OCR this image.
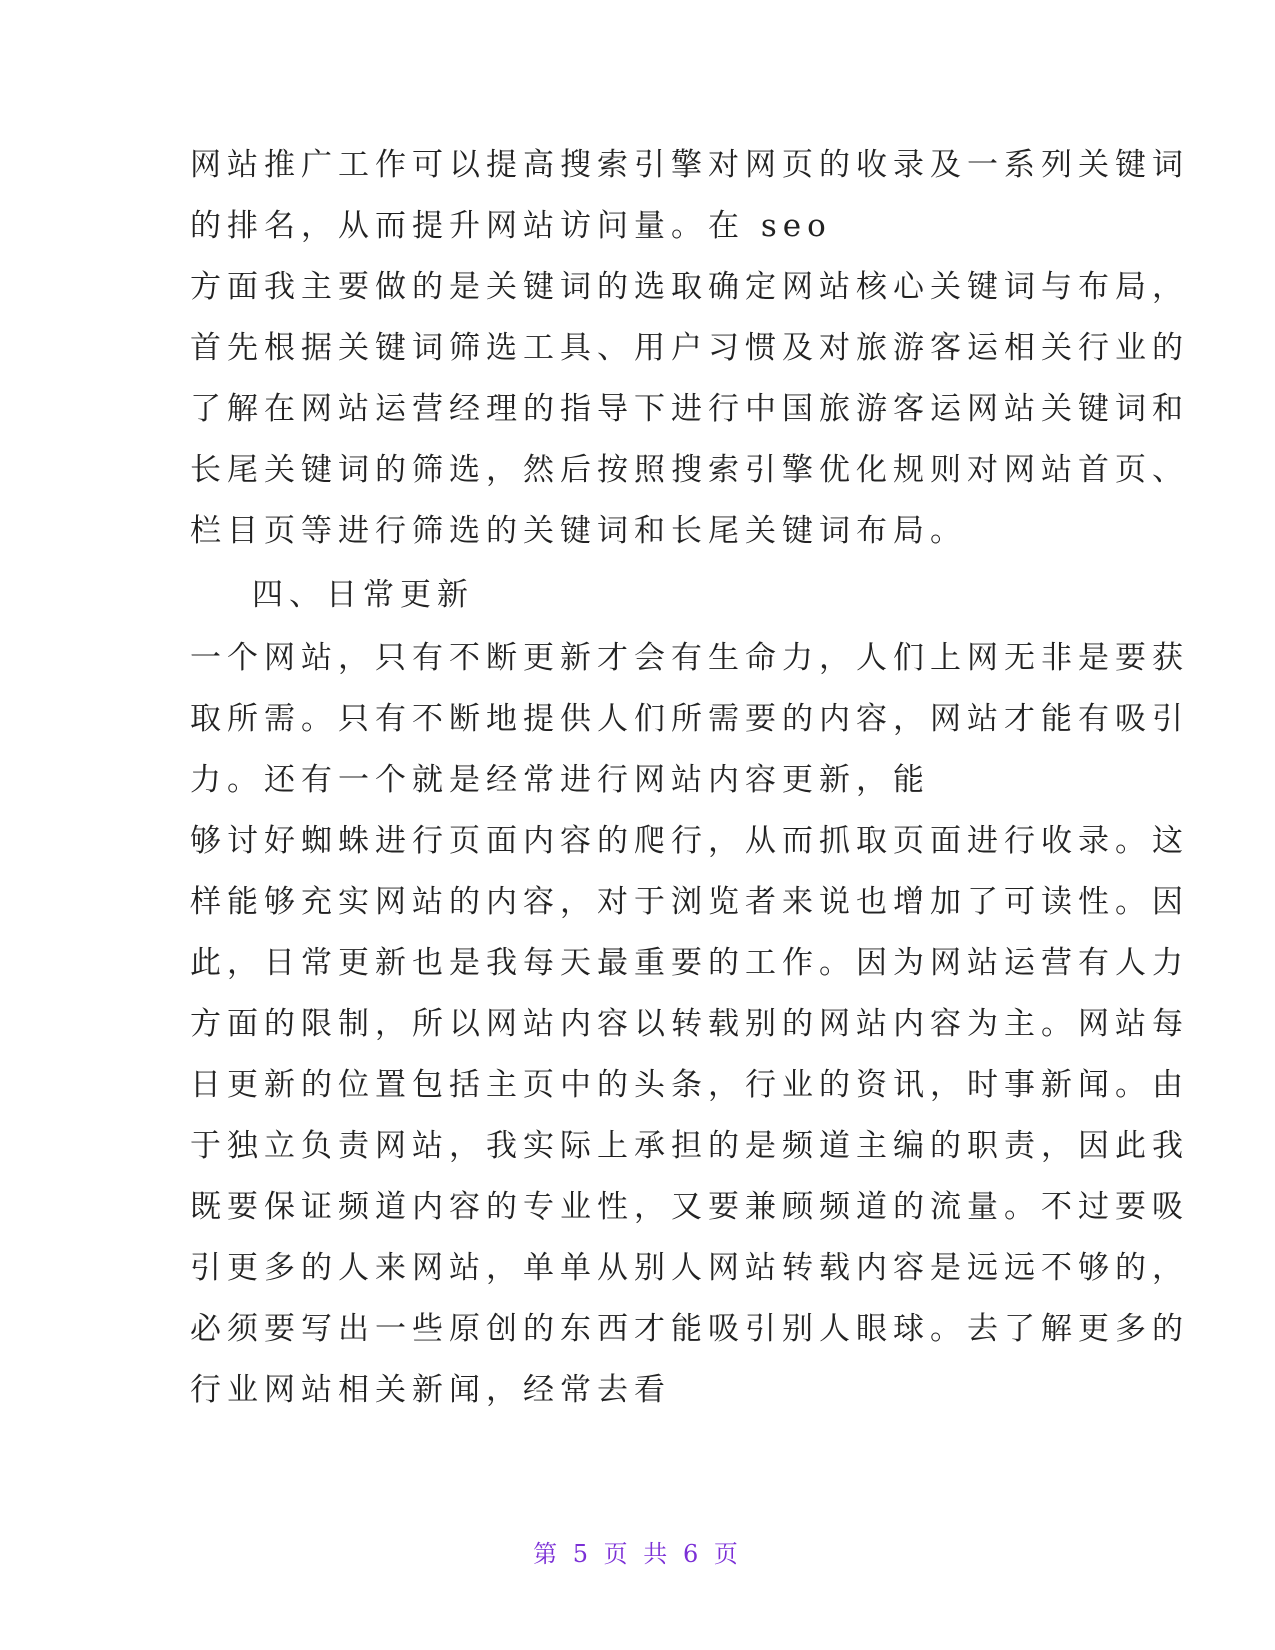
网站推广工作可以提高搜索引擎对网页的收录及一系列关键词
的排名，从而提升网站访问量。在 seo
方面我主要做的是关键词的选取确定网站核心关键词与布局，
首先根据关键词筛选工具、用户习惯及对旅游客运相关行业的
了解在网站运营经理的指导下进行中国旅游客运网站关键词和
长尾关键词的筛选，然后按照搜索引擎优化规则对网站首页、
栏目页等进行筛选的关键词和长尾关键词布局。
四、日常更新
一个网站，只有不断更新才会有生命力，人们上网无非是要获
取所需。只有不断地提供人们所需要的内容，网站才能有吸引
力。还有一个就是经常进行网站内容更新，能
够讨好蜘蛛进行页面内容的爬行，从而抓取页面进行收录。这
样能够充实网站的内容，对于浏览者来说也增加了可读性。因
此，日常更新也是我每天最重要的工作。因为网站运营有人力
方面的限制，所以网站内容以转载别的网站内容为主。网站每
日更新的位置包括主页中的头条，行业的资讯，时事新闻。由
于独立负责网站，我实际上承担的是频道主编的职责，因此我
既要保证频道内容的专业性，又要兼顾频道的流量。不过要吸
引更多的人来网站，单单从别人网站转载内容是远远不够的，
必须要写出一些原创的东西才能吸引别人眼球。去了解更多的
行业网站相关新闻，经常去看
第 5 页 共 6 页
